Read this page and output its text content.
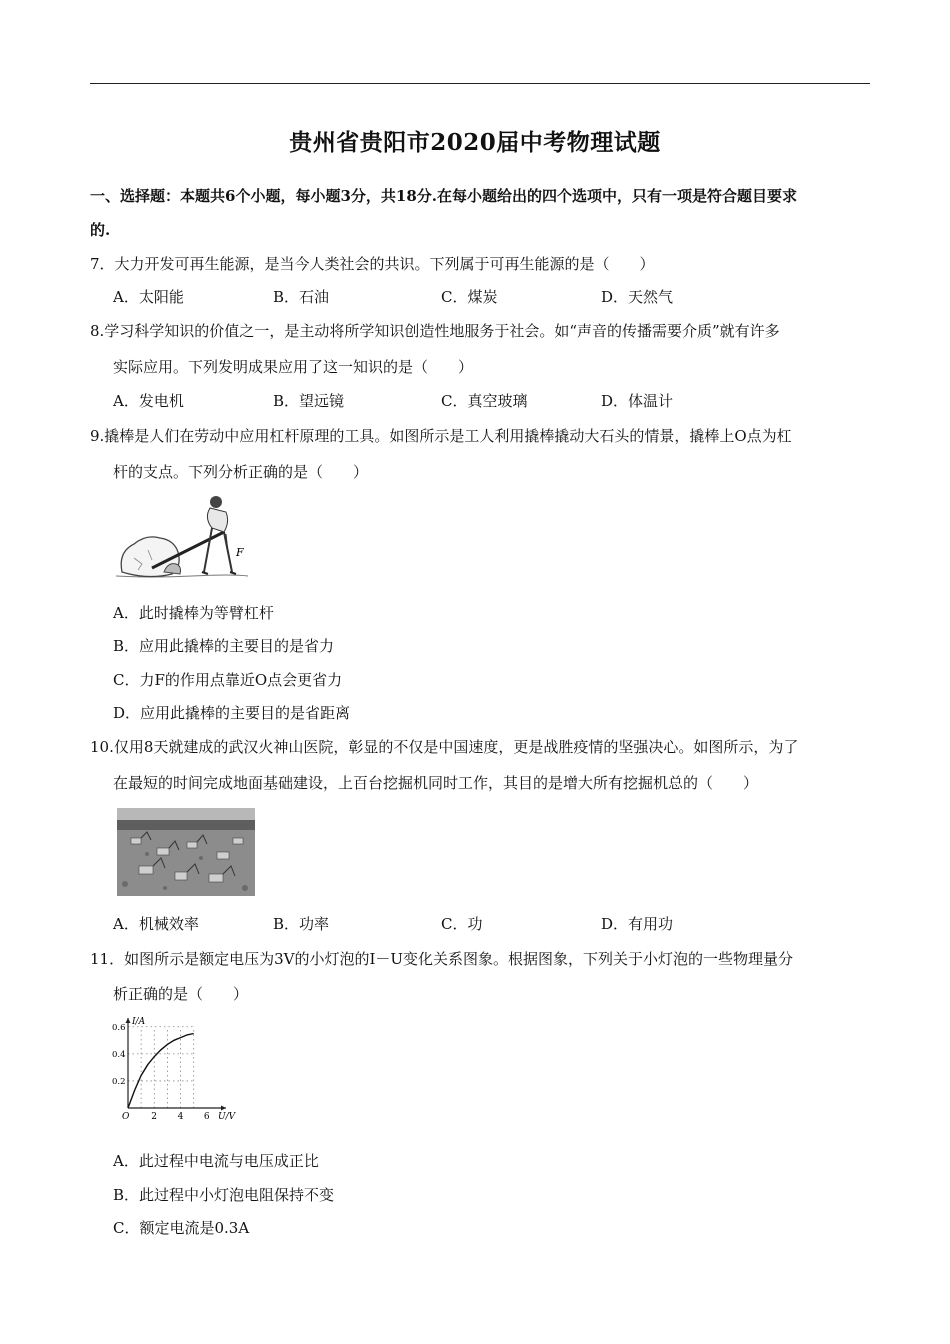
贵州省贵阳市2020届中考物理试题
一、选择题：本题共6个小题，每小题3分，共18分.在每小题给出的四个选项中，只有一项是符合题目要求
的.
7．大力开发可再生能源，是当今人类社会的共识。下列属于可再生能源的是（　　）
A．太阳能	B．石油	C．煤炭	D．天然气
8.学习科学知识的价值之一，是主动将所学知识创造性地服务于社会。如“声音的传播需要介质”就有许多
实际应用。下列发明成果应用了这一知识的是（　　）
A．发电机	B．望远镜	C．真空玻璃	D．体温计
9.撬棒是人们在劳动中应用杠杆原理的工具。如图所示是工人利用撬棒撬动大石头的情景，撬棒上O点为杠
杆的支点。下列分析正确的是（　　）
F
A．此时撬棒为等臂杠杆
B．应用此撬棒的主要目的是省力
C．力F的作用点靠近O点会更省力
D．应用此撬棒的主要目的是省距离
10.仅用8天就建成的武汉火神山医院，彰显的不仅是中国速度，更是战胜疫情的坚强决心。如图所示，为了
在最短的时间完成地面基础建设，上百台挖掘机同时工作，其目的是增大所有挖掘机总的（　　）
A．机械效率	B．功率	C．功	D．有用功
11．如图所示是额定电压为3V的小灯泡的I－U变化关系图象。根据图象，下列关于小灯泡的一些物理量分
析正确的是（　　）
2 4 6
0.2
0.4
0.6
O	U/V
I/A
A．此过程中电流与电压成正比
B．此过程中小灯泡电阻保持不变
C．额定电流是0.3A
